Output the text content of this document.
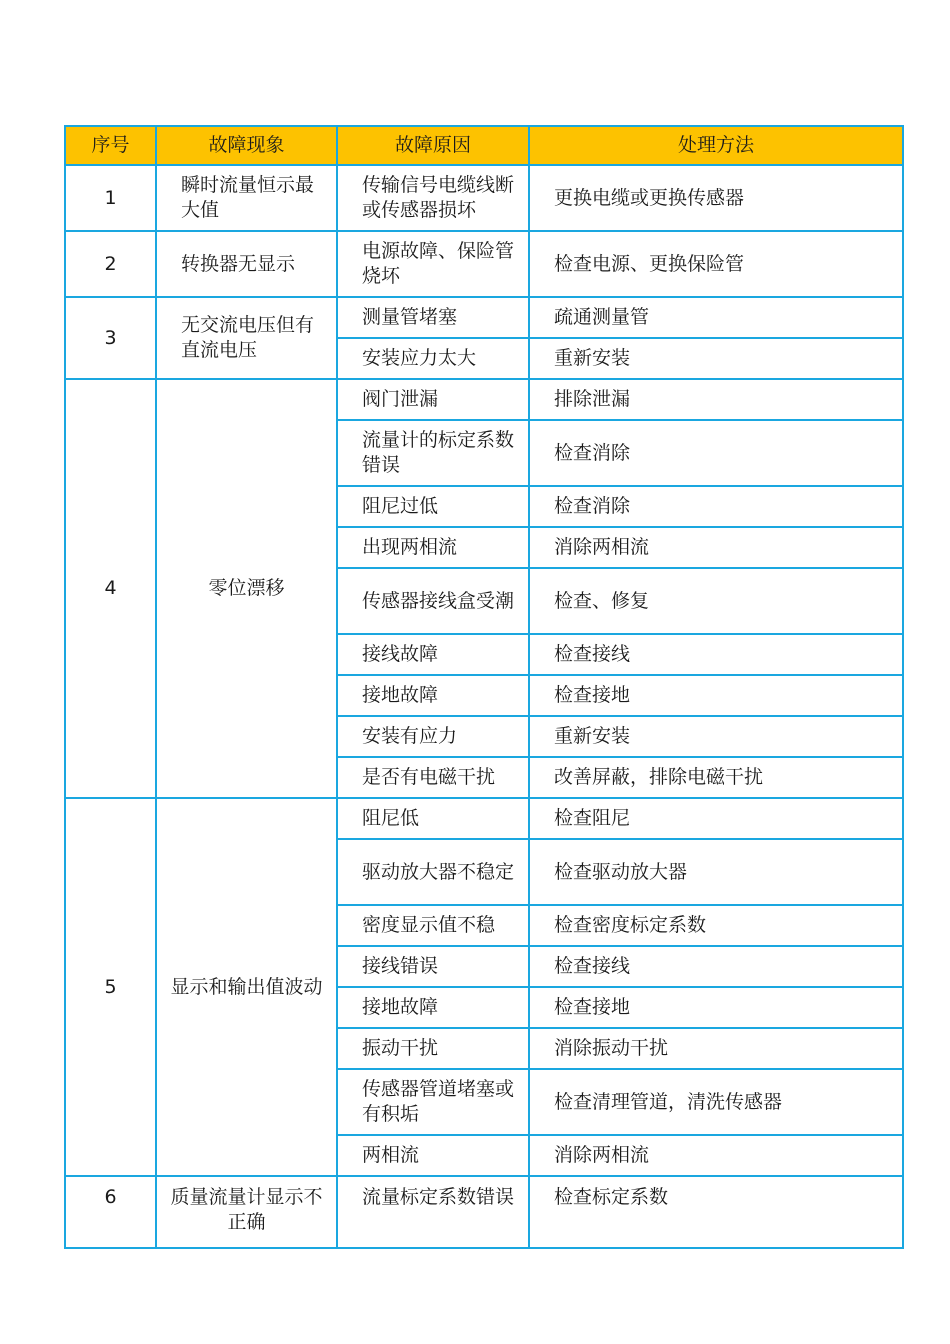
序号	故障现象	故障原因	处理方法
1	瞬时流量恒示最大值	传输信号电缆线断或传感器损坏	更换电缆或更换传感器
2	转换器无显示	电源故障、保险管烧坏	检查电源、更换保险管
3	无交流电压但有直流电压	测量管堵塞	疏通测量管
		安装应力太大	重新安装
4	零位漂移	阀门泄漏	排除泄漏
		流量计的标定系数错误	检查消除
		阻尼过低	检查消除
		出现两相流	消除两相流
		传感器接线盒受潮	检查、修复
		接线故障	检查接线
		接地故障	检查接地
		安装有应力	重新安装
		是否有电磁干扰	改善屏蔽，排除电磁干扰
5	显示和输出值波动	阻尼低	检查阻尼
		驱动放大器不稳定	检查驱动放大器
		密度显示值不稳	检查密度标定系数
		接线错误	检查接线
		接地故障	检查接地
		振动干扰	消除振动干扰
		传感器管道堵塞或有积垢	检查清理管道，清洗传感器
		两相流	消除两相流
6	质量流量计显示不正确	流量标定系数错误	检查标定系数
